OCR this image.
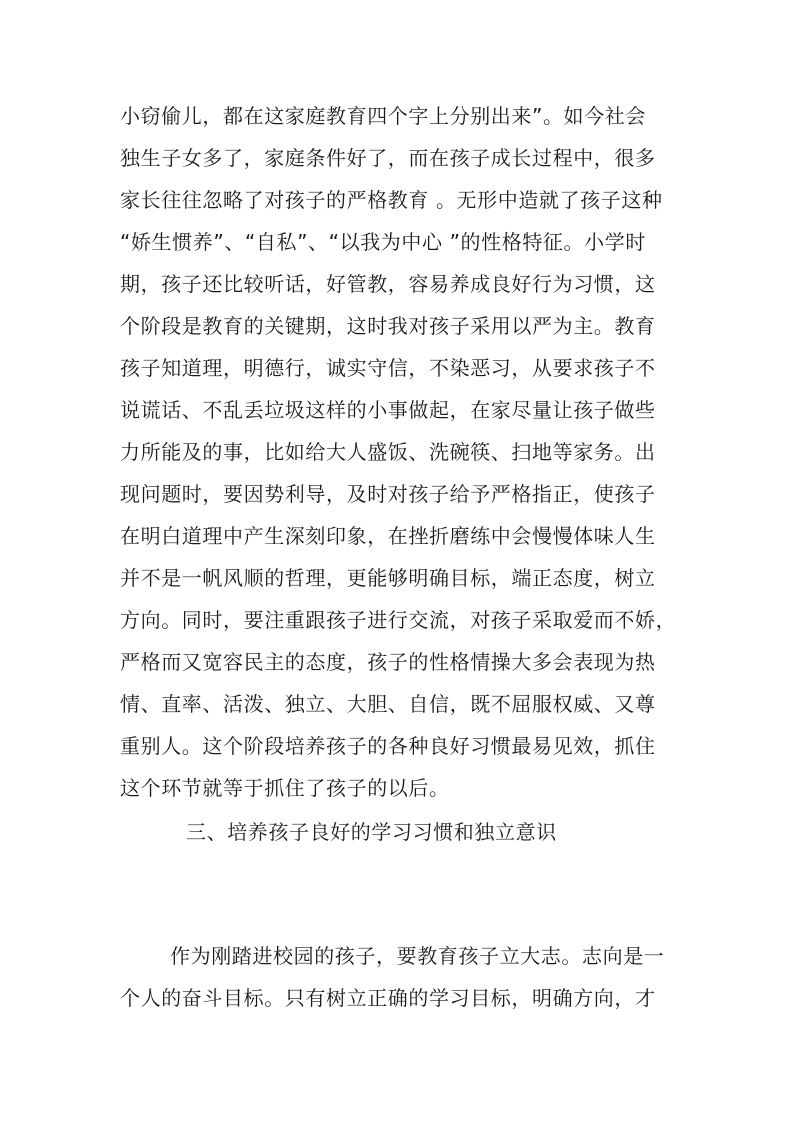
小窃偷儿，都在这家庭教育四个字上分别出来”。如今社会
独生子女多了，家庭条件好了，而在孩子成长过程中，很多
家长往往忽略了对孩子的严格教育 。无形中造就了孩子这种
“娇生惯养”、“自私”、“以我为中心 ”的性格特征。小学时
期，孩子还比较听话，好管教，容易养成良好行为习惯，这
个阶段是教育的关键期，这时我对孩子采用以严为主。教育
孩子知道理，明德行，诚实守信，不染恶习，从要求孩子不
说谎话、不乱丢垃圾这样的小事做起，在家尽量让孩子做些
力所能及的事，比如给大人盛饭、洗碗筷、扫地等家务。出
现问题时，要因势利导，及时对孩子给予严格指正，使孩子
在明白道理中产生深刻印象，在挫折磨练中会慢慢体味人生
并不是一帆风顺的哲理，更能够明确目标，端正态度，树立
方向。同时，要注重跟孩子进行交流，对孩子采取爱而不娇，
严格而又宽容民主的态度，孩子的性格情操大多会表现为热
情、直率、活泼、独立、大胆、自信，既不屈服权威、又尊
重别人。这个阶段培养孩子的各种良好习惯最易见效，抓住
这个环节就等于抓住了孩子的以后。
三、培养孩子良好的学习习惯和独立意识
作为刚踏进校园的孩子，要教育孩子立大志。志向是一
个人的奋斗目标。只有树立正确的学习目标，明确方向，才
